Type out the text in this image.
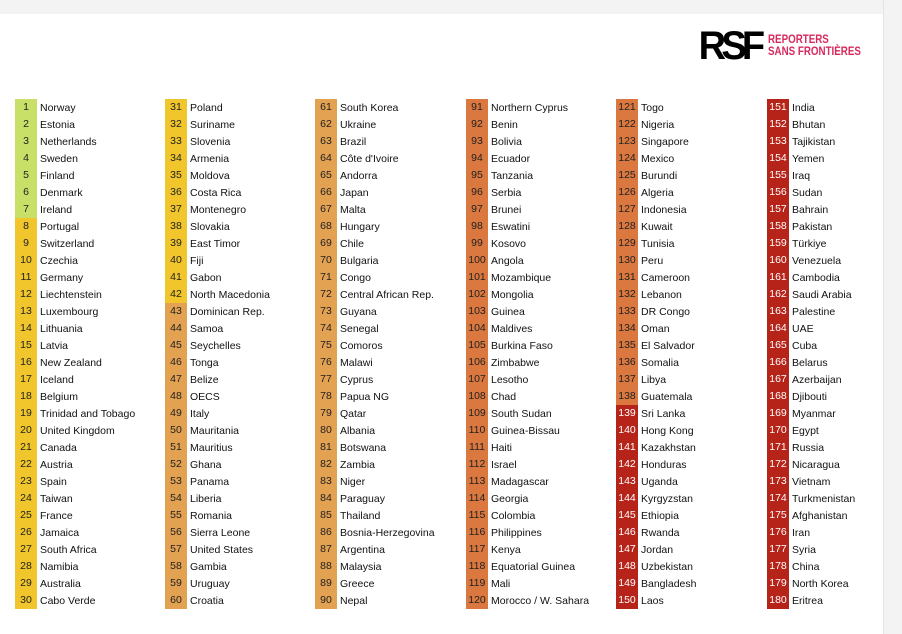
RSF REPORTERS
SANS FRONTIÈRES
1	Norway
2	Estonia
3	Netherlands
4	Sweden
5	Finland
6	Denmark
7	Ireland
8	Portugal
9	Switzerland
10 Czechia
11 Germany
12 Liechtenstein
13 Luxembourg
14 Lithuania
15 Latvia
16 New Zealand
17 Iceland
18 Belgium
19 Trinidad and Tobago
20 United Kingdom
21 Canada
22 Austria
23 Spain
24 Taiwan
25 France
26 Jamaica
27 South Africa
28 Namibia
29 Australia
30 Cabo Verde
31 Poland
32 Suriname
33 Slovenia
34 Armenia
35 Moldova
36 Costa Rica
37 Montenegro
38 Slovakia
39 East Timor
40 Fiji
41 Gabon
42 North Macedonia
43 Dominican Rep.
44 Samoa
45 Seychelles
46 Tonga
47 Belize
48 OECS
49 Italy
50 Mauritania
51 Mauritius
52 Ghana
53 Panama
54 Liberia
55 Romania
56 Sierra Leone
57 United States
58 Gambia
59 Uruguay
60 Croatia
61 South Korea
62 Ukraine
63 Brazil
64 Côte d'Ivoire
65 Andorra
66 Japan
67 Malta
68 Hungary
69 Chile
70 Bulgaria
71 Congo
72 Central African Rep.
73 Guyana
74 Senegal
75 Comoros
76 Malawi
77 Cyprus
78 Papua NG
79 Qatar
80 Albania
81 Botswana
82 Zambia
83 Niger
84 Paraguay
85 Thailand
86 Bosnia-Herzegovina
87 Argentina
88 Malaysia
89 Greece
90 Nepal
91 Northern Cyprus
92 Benin
93 Bolivia
94 Ecuador
95 Tanzania
96 Serbia
97 Brunei
98 Eswatini
99 Kosovo
100 Angola
101 Mozambique
102 Mongolia
103 Guinea
104 Maldives
105 Burkina Faso
106 Zimbabwe
107 Lesotho
108 Chad
109 South Sudan
110 Guinea-Bissau
111 Haiti
112 Israel
113 Madagascar
114 Georgia
115 Colombia
116 Philippines
117 Kenya
118 Equatorial Guinea
119 Mali
120 Morocco / W. Sahara
121 Togo
122 Nigeria
123 Singapore
124 Mexico
125 Burundi
126 Algeria
127 Indonesia
128 Kuwait
129 Tunisia
130 Peru
131 Cameroon
132 Lebanon
133 DR Congo
134 Oman
135 El Salvador
136 Somalia
137 Libya
138 Guatemala
139 Sri Lanka
140 Hong Kong
141 Kazakhstan
142 Honduras
143 Uganda
144 Kyrgyzstan
145 Ethiopia
146 Rwanda
147 Jordan
148 Uzbekistan
149 Bangladesh
150 Laos
151 India
152 Bhutan
153 Tajikistan
154 Yemen
155 Iraq
156 Sudan
157 Bahrain
158 Pakistan
159 Türkiye
160 Venezuela
161 Cambodia
162 Saudi Arabia
163 Palestine
164 UAE
165 Cuba
166 Belarus
167 Azerbaijan
168 Djibouti
169 Myanmar
170 Egypt
171 Russia
172 Nicaragua
173 Vietnam
174 Turkmenistan
175 Afghanistan
176 Iran
177 Syria
178 China
179 North Korea
180 Eritrea
